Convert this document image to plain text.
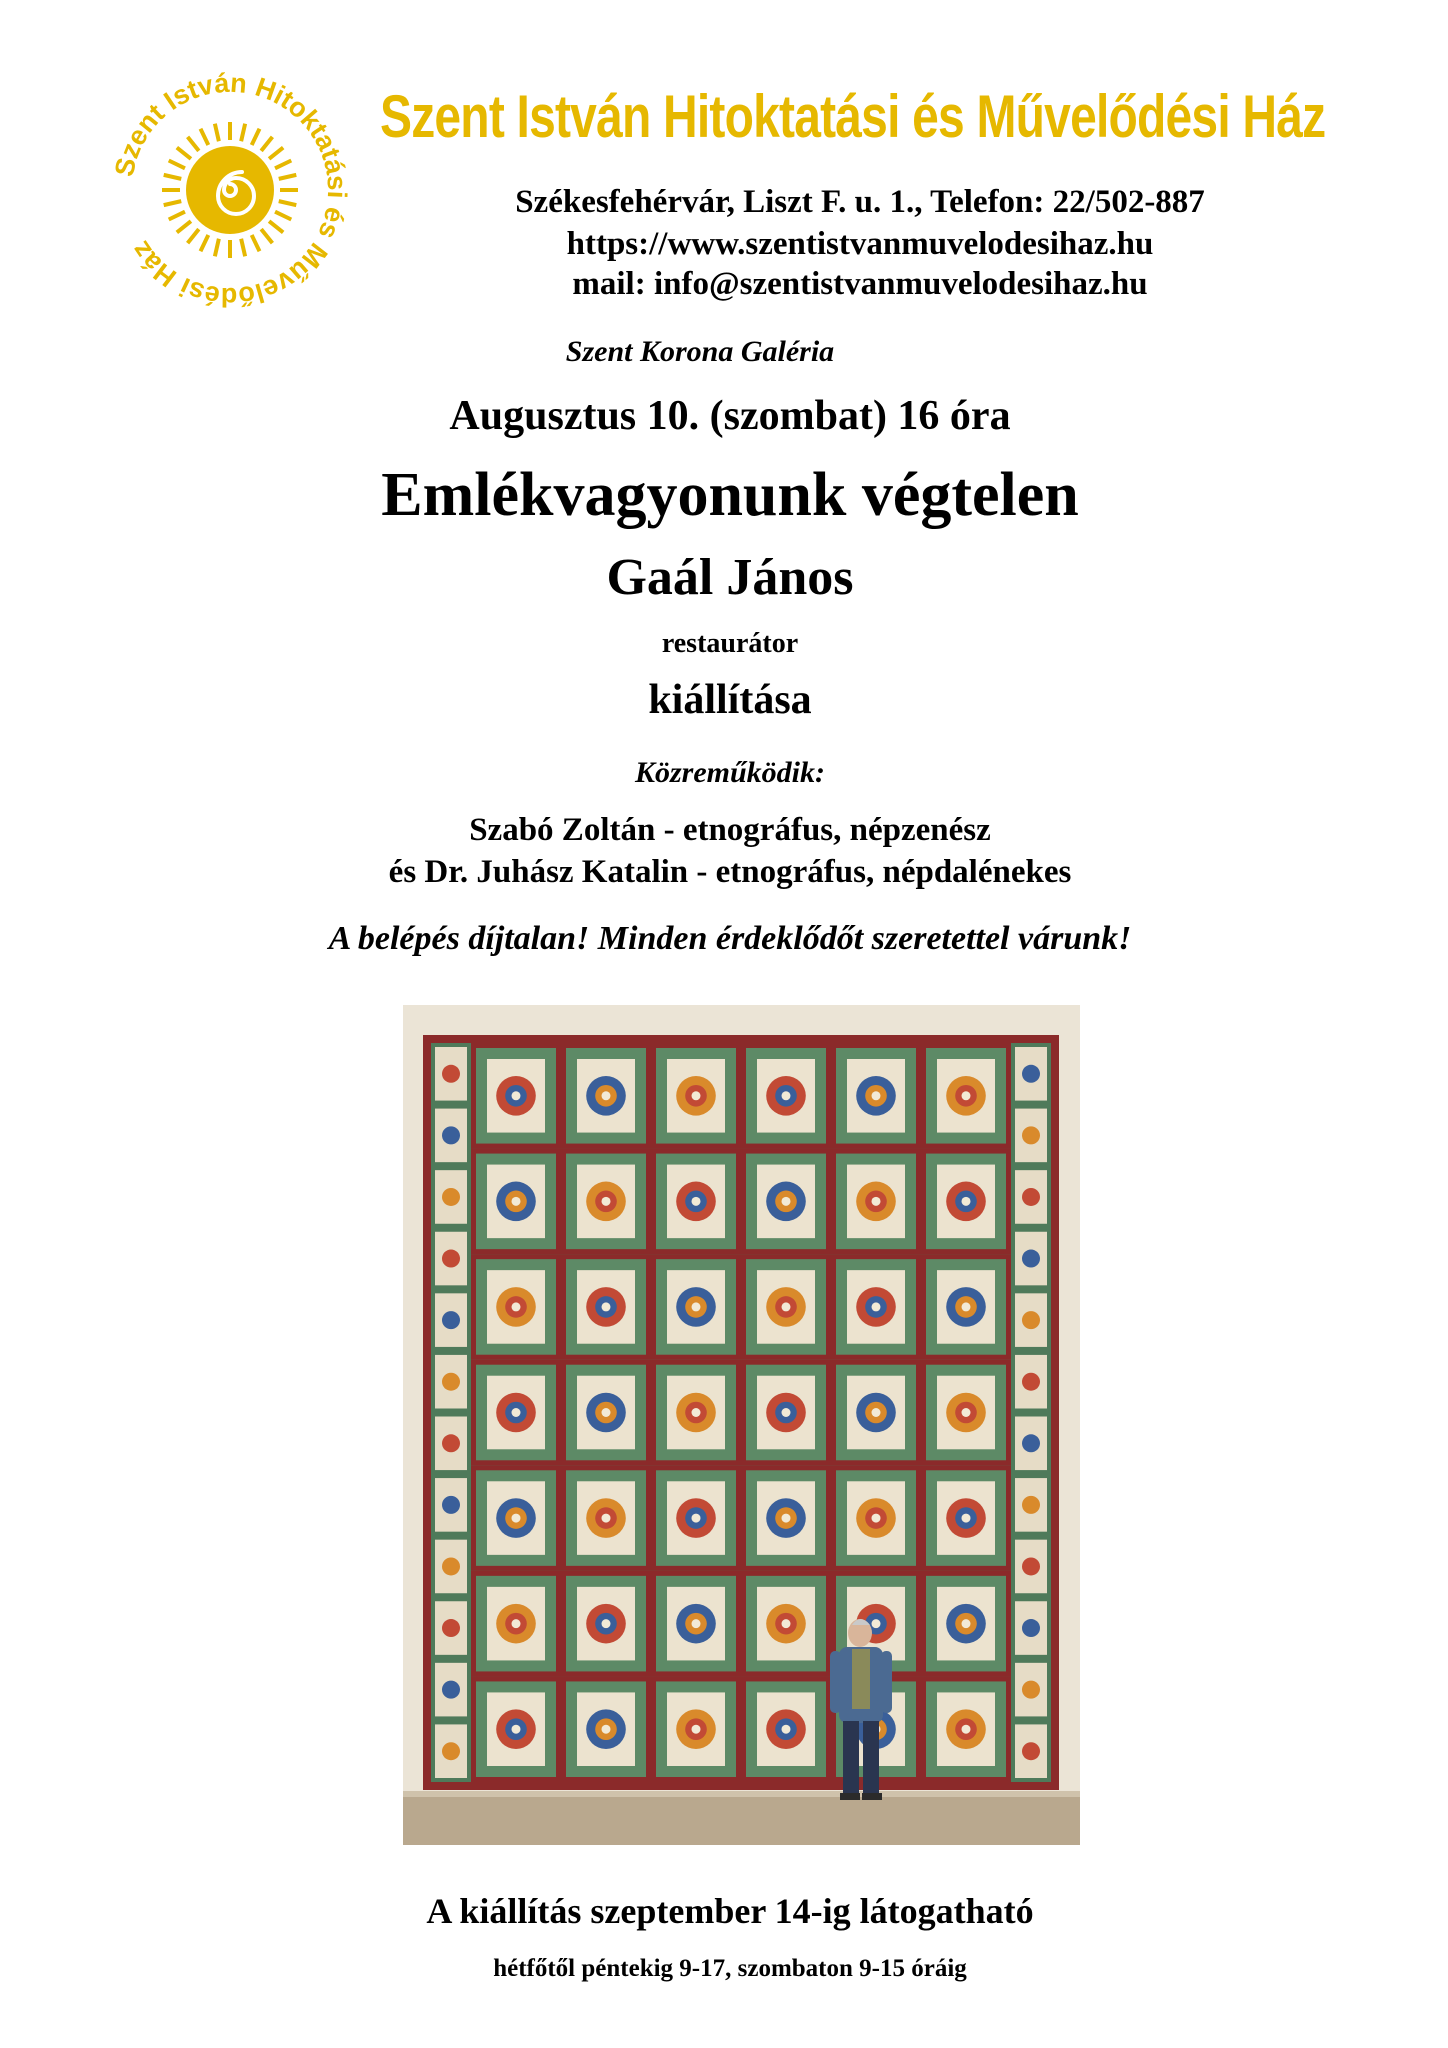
Szent István Hitoktatási és Művelődési Ház
Szent István Hitoktatási és Művelődési Ház
Székesfehérvár, Liszt F. u. 1., Telefon: 22/502-887
https://www.szentistvanmuvelodesihaz.hu
mail: info@szentistvanmuvelodesihaz.hu
Szent Korona Galéria
Augusztus 10. (szombat) 16 óra
Emlékvagyonunk végtelen
Gaál János
restaurátor
kiállítása
Közreműködik:
Szabó Zoltán - etnográfus, népzenész
és Dr. Juhász Katalin - etnográfus, népdalénekes
A belépés díjtalan! Minden érdeklődőt szeretettel várunk!
A kiállítás szeptember 14-ig látogatható
hétfőtől péntekig 9-17, szombaton 9-15 óráig
